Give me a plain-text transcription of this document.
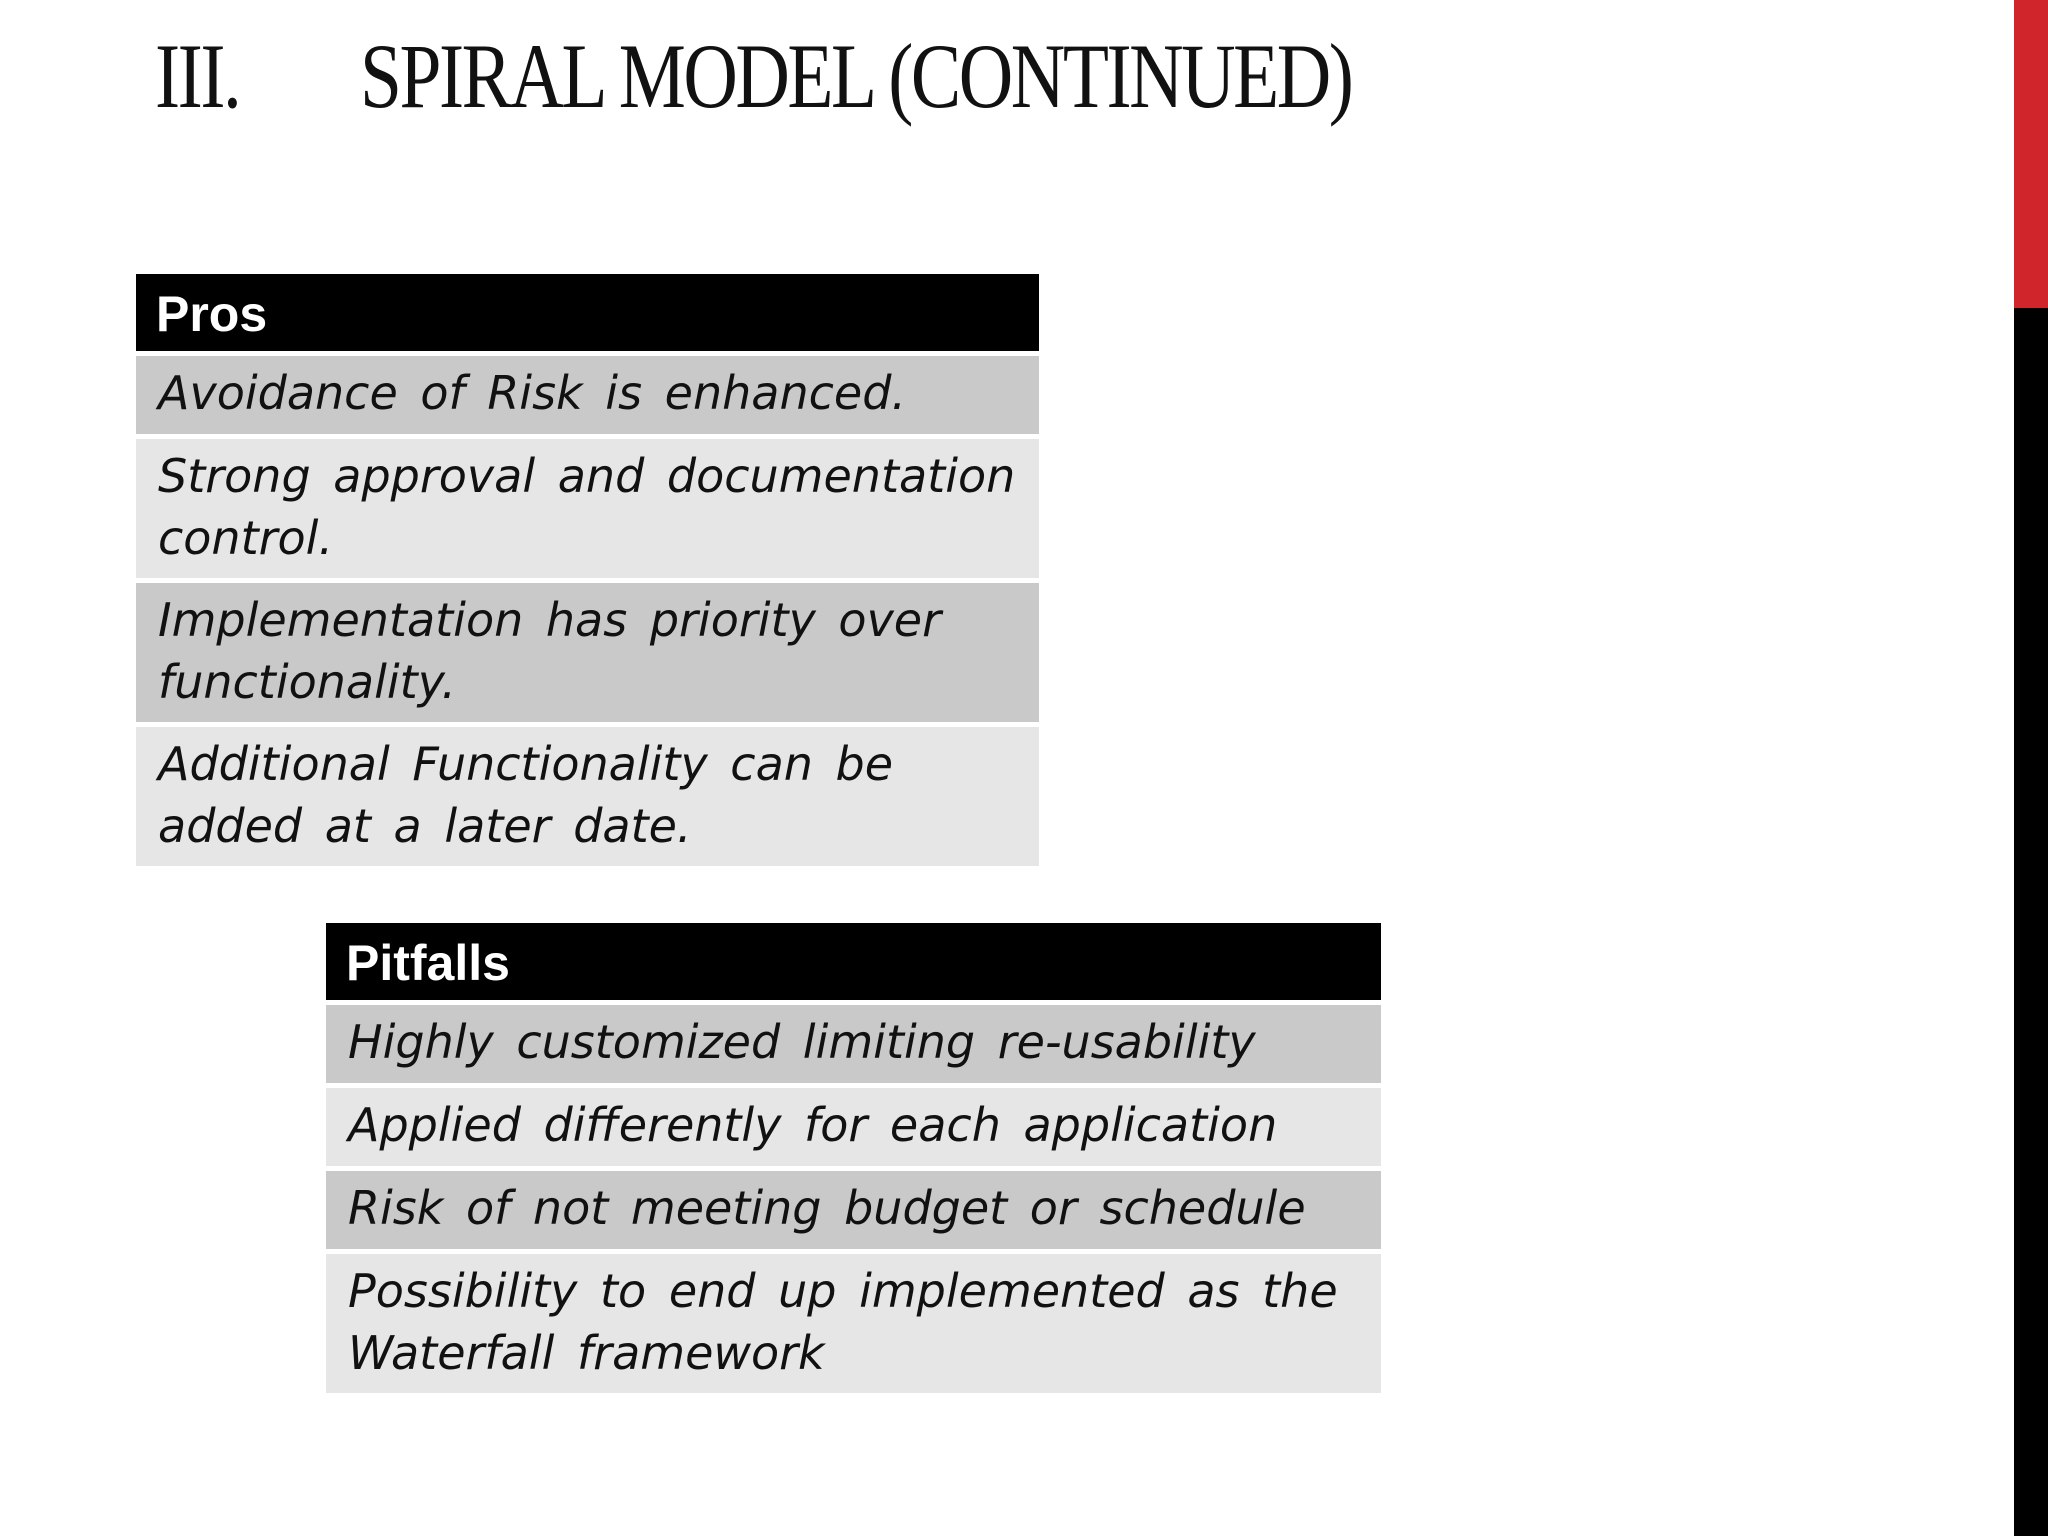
III. SPIRAL MODEL (CONTINUED)
Pros
Avoidance of Risk is enhanced.
Strong approval and documentation control.
Implementation has priority over functionality.
Additional Functionality can be added at a later date.
Pitfalls
Highly customized limiting re-usability
Applied differently for each application
Risk of not meeting budget or schedule
Possibility to end up implemented as the Waterfall framework
